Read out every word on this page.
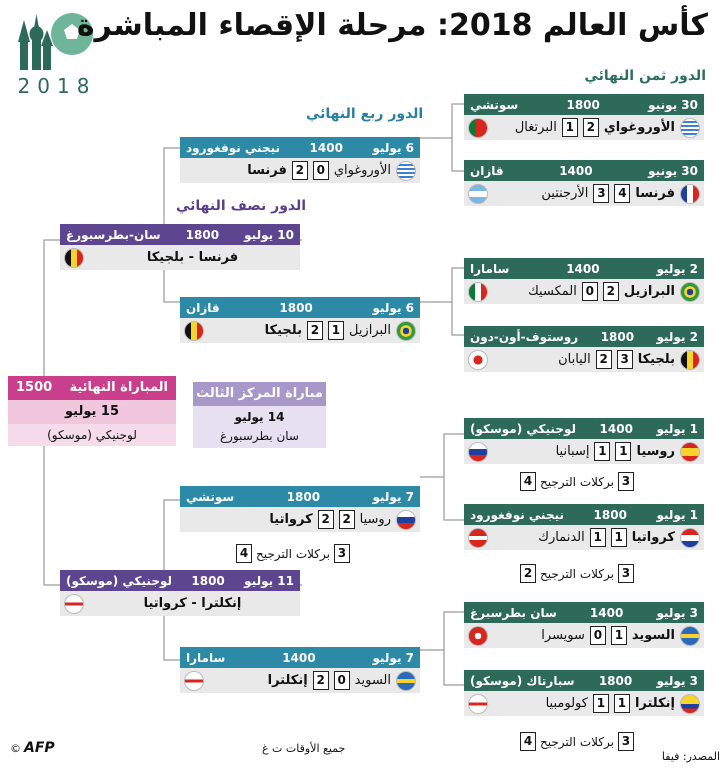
2018
كأس العالم 2018: مرحلة الإقصاء المباشرة
الدور ثمن النهائي
الدور ربع النهائي
الدور نصف النهائي
30 يونيو
1800
سوتشي
الأوروغواي
2
1
البرتغال
30 يونيو
1400
قازان
فرنسا
4
3
الأرجنتين
2 يوليو
1400
سامارا
البرازيل
2
0
المكسيك
2 يوليو
1800
روستوف-أون-دون
بلجيكا
3
2
اليابان
1 يوليو
1400
لوجنيكي (موسكو)
روسيا
1
1
إسبانيا
3
بركلات الترجيح
4
1 يوليو
1800
نيجني نوفغورود
كرواتيا
1
1
الدنمارك
3
بركلات الترجيح
2
3 يوليو
1400
سان بطرسبرغ
السويد
1
0
سويسرا
3 يوليو
1800
سبارتاك (موسكو)
إنكلترا
1
1
كولومبيا
3
بركلات الترجيح
4
6 يوليو
1400
نيجني نوفغورود
الأوروغواي
0
2
فرنسا
6 يوليو
1800
قازان
البرازيل
1
2
بلجيكا
7 يوليو
1800
سوتشي
روسيا
2
2
كرواتيا
3
بركلات الترجيح
4
7 يوليو
1400
سامارا
السويد
0
2
إنكلترا
10 يوليو
1800
سان-بطرسبورغ
فرنسا - بلجيكا
11 يوليو
1800
لوجنيكي (موسكو)
إنكلترا - كرواتيا
المباراة النهائية
1500
15 يوليو
لوجنيكي (موسكو)
مباراة المركز الثالث
14 يوليو
سان بطرسبورغ
© AFP	جميع الأوقات ت غ
المصدر: فيفا
